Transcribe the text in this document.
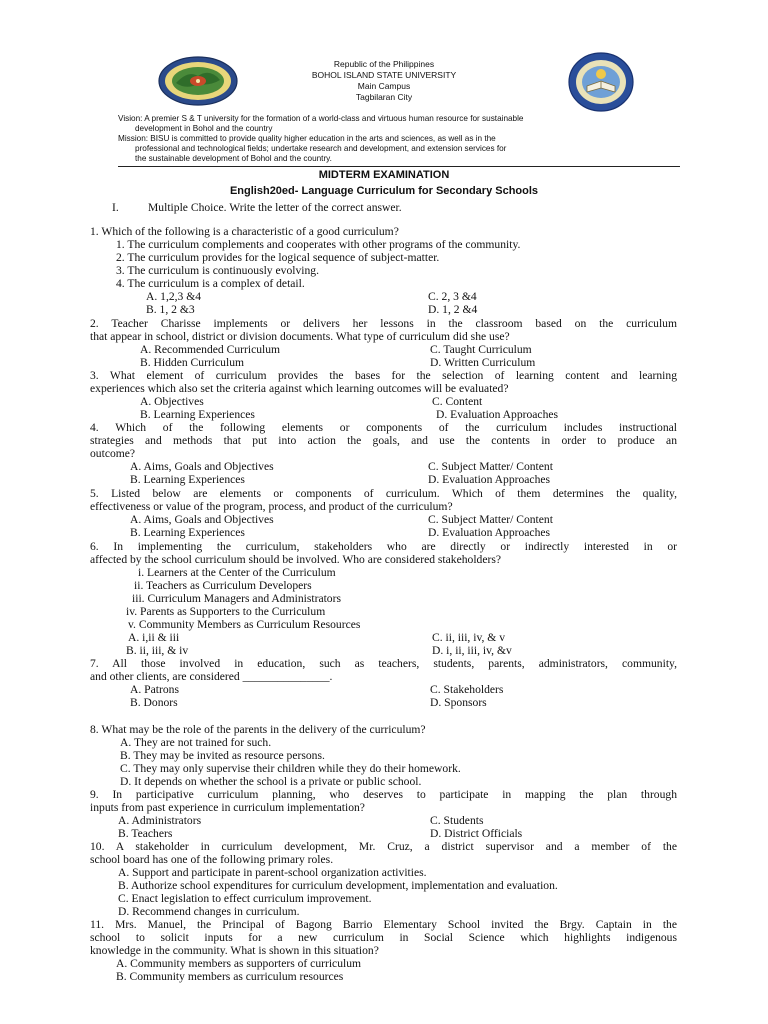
Republic of the Philippines
BOHOL ISLAND STATE UNIVERSITY
Main Campus
Tagbilaran City
Vision: A premier S & T university for the formation of a world-class and virtuous human resource for sustainable
development in Bohol and the country
Mission: BISU is committed to provide quality higher education in the arts and sciences, as well as in the
professional and technological fields; undertake research and development, and extension services for
the sustainable development of Bohol and the country.
MIDTERM EXAMINATION
English20ed- Language Curriculum for Secondary Schools
I.	Multiple Choice. Write the letter of the correct answer.
1. Which of the following is a characteristic of a good curriculum?
1. The curriculum complements and cooperates with other programs of the community.
2. The curriculum provides for the logical sequence of subject-matter.
3. The curriculum is continuously evolving.
4. The curriculum is a complex of detail.
A. 1,2,3 &4	C. 2, 3 &4
B. 1, 2 &3	D. 1, 2 &4
2. Teacher Charisse implements or delivers her lessons in the classroom based on the curriculum
that appear in school, district or division documents. What type of curriculum did she use?
A. Recommended Curriculum	C. Taught Curriculum
B. Hidden Curriculum	D. Written Curriculum
3. What element of curriculum provides the bases for the selection of learning content and learning
experiences which also set the criteria against which learning outcomes will be evaluated?
A. Objectives	C. Content
B. Learning Experiences	D. Evaluation Approaches
4. Which of the following elements or components of the curriculum includes instructional
strategies and methods that put into action the goals, and use the contents in order to produce an
outcome?
A. Aims, Goals and Objectives	C. Subject Matter/ Content
B. Learning Experiences	D. Evaluation Approaches
5. Listed below are elements or components of curriculum. Which of them determines the quality,
effectiveness or value of the program, process, and product of the curriculum?
A. Aims, Goals and Objectives	C. Subject Matter/ Content
B. Learning Experiences	D. Evaluation Approaches
6. In implementing the curriculum, stakeholders who are directly or indirectly interested in or
affected by the school curriculum should be involved. Who are considered stakeholders?
i. Learners at the Center of the Curriculum
ii. Teachers as Curriculum Developers
iii. Curriculum Managers and Administrators
iv. Parents as Supporters to the Curriculum
v. Community Members as Curriculum Resources
A. i,ii & iii	C. ii, iii, iv, & v
B. ii, iii, & iv	D. i, ii, iii, iv, &v
7. All those involved in education, such as teachers, students, parents, administrators, community,
and other clients, are considered _______________.
A. Patrons	C. Stakeholders
B. Donors	D. Sponsors
8. What may be the role of the parents in the delivery of the curriculum?
A. They are not trained for such.
B. They may be invited as resource persons.
C. They may only supervise their children while they do their homework.
D. It depends on whether the school is a private or public school.
9. In participative curriculum planning, who deserves to participate in mapping the plan through
inputs from past experience in curriculum implementation?
A. Administrators	C. Students
B. Teachers	D. District Officials
10. A stakeholder in curriculum development, Mr. Cruz, a district supervisor and a member of the
school board has one of the following primary roles.
A. Support and participate in parent-school organization activities.
B. Authorize school expenditures for curriculum development, implementation and evaluation.
C. Enact legislation to effect curriculum improvement.
D. Recommend changes in curriculum.
11. Mrs. Manuel, the Principal of Bagong Barrio Elementary School invited the Brgy. Captain in the
school to solicit inputs for a new curriculum in Social Science which highlights indigenous
knowledge in the community. What is shown in this situation?
A. Community members as supporters of curriculum
B. Community members as curriculum resources
